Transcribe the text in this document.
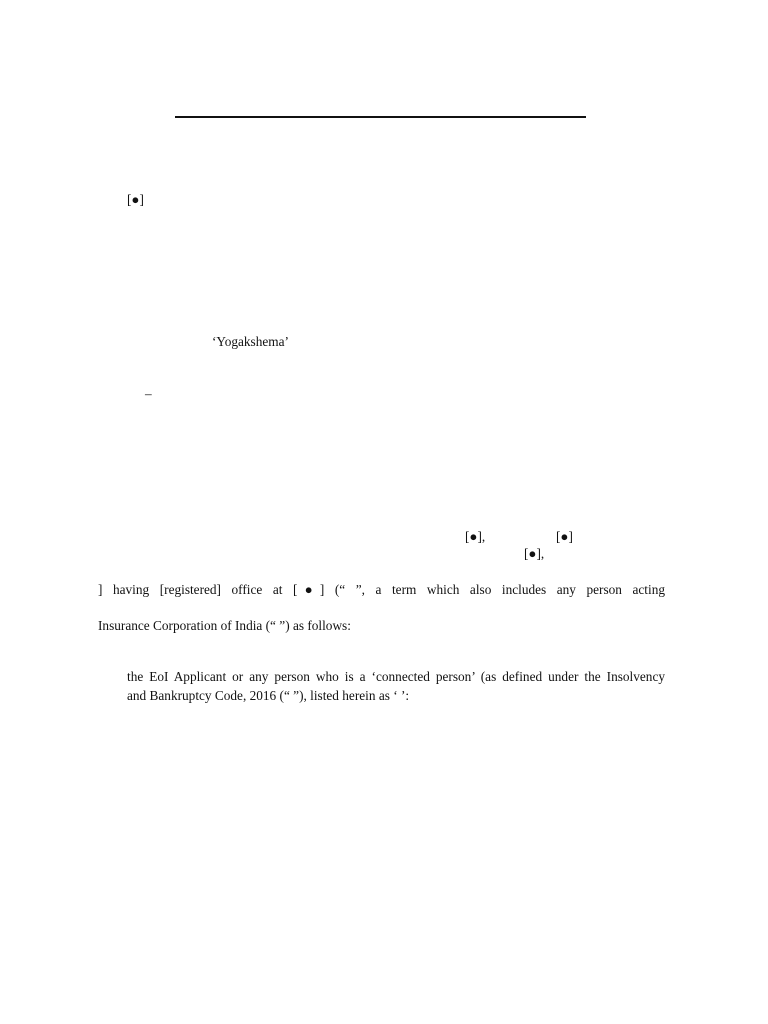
[●]
‘Yogakshema’
–
[●],	[●]
[●],
] having [registered] office at [●] (“ ”, a term which also includes any person acting
Insurance Corporation of India (“ ”) as follows:
the EoI Applicant or any person who is a ‘connected person’ (as defined under the Insolvency
and Bankruptcy Code, 2016 (“ ”), listed herein as ‘ ’:
